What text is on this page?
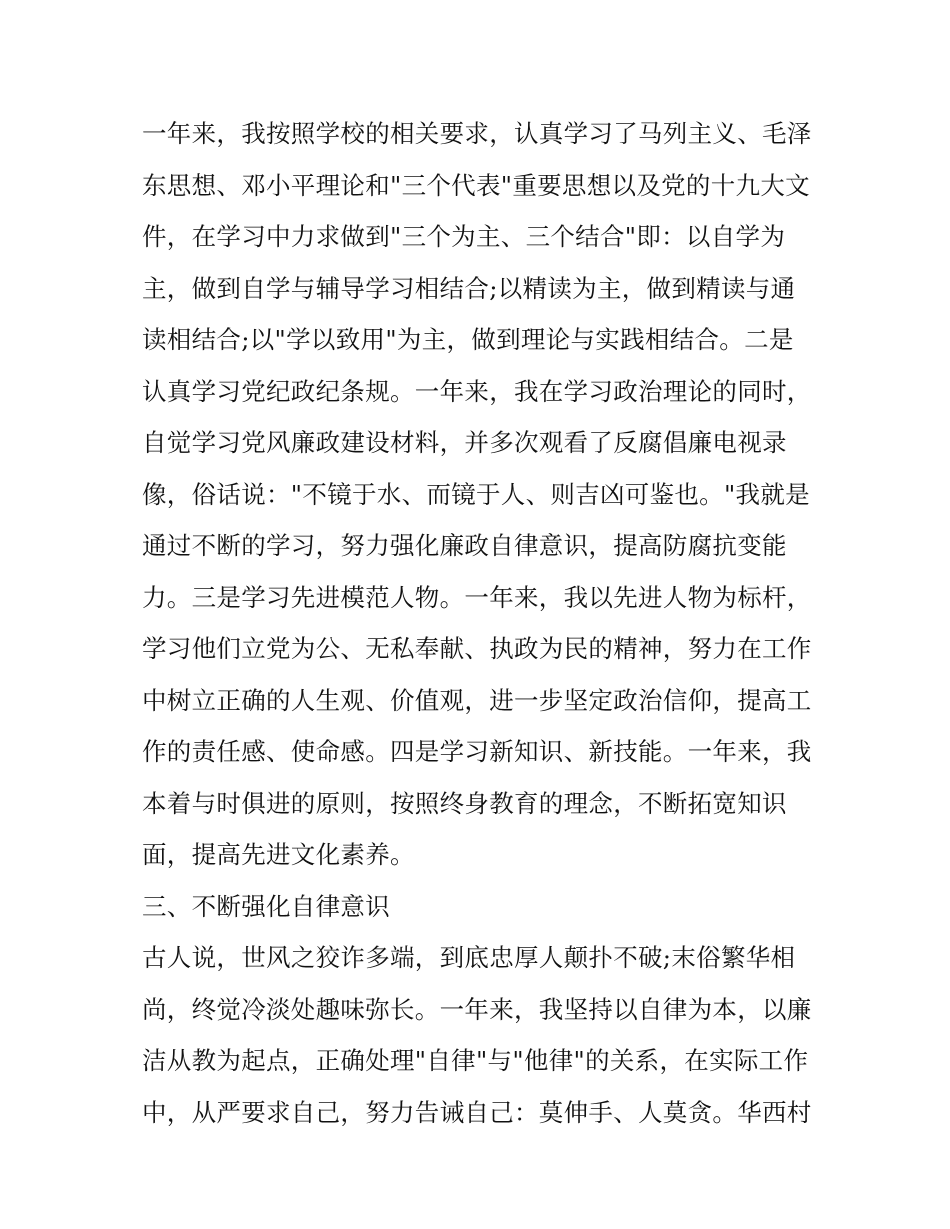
一年来，我按照学校的相关要求，认真学习了马列主义、毛泽
东思想、邓小平理论和"三个代表"重要思想以及党的十九大文
件，在学习中力求做到"三个为主、三个结合"即：以自学为
主，做到自学与辅导学习相结合;以精读为主，做到精读与通
读相结合;以"学以致用"为主，做到理论与实践相结合。二是
认真学习党纪政纪条规。一年来，我在学习政治理论的同时，
自觉学习党风廉政建设材料，并多次观看了反腐倡廉电视录
像，俗话说："不镜于水、而镜于人、则吉凶可鉴也。"我就是
通过不断的学习，努力强化廉政自律意识，提高防腐抗变能
力。三是学习先进模范人物。一年来，我以先进人物为标杆，
学习他们立党为公、无私奉献、执政为民的精神，努力在工作
中树立正确的人生观、价值观，进一步坚定政治信仰，提高工
作的责任感、使命感。四是学习新知识、新技能。一年来，我
本着与时俱进的原则，按照终身教育的理念，不断拓宽知识
面，提高先进文化素养。
三、不断强化自律意识
古人说，世风之狡诈多端，到底忠厚人颠扑不破;末俗繁华相
尚，终觉冷淡处趣味弥长。一年来，我坚持以自律为本，以廉
洁从教为起点，正确处理"自律"与"他律"的关系，在实际工作
中，从严要求自己，努力告诫自己：莫伸手、人莫贪。华西村
